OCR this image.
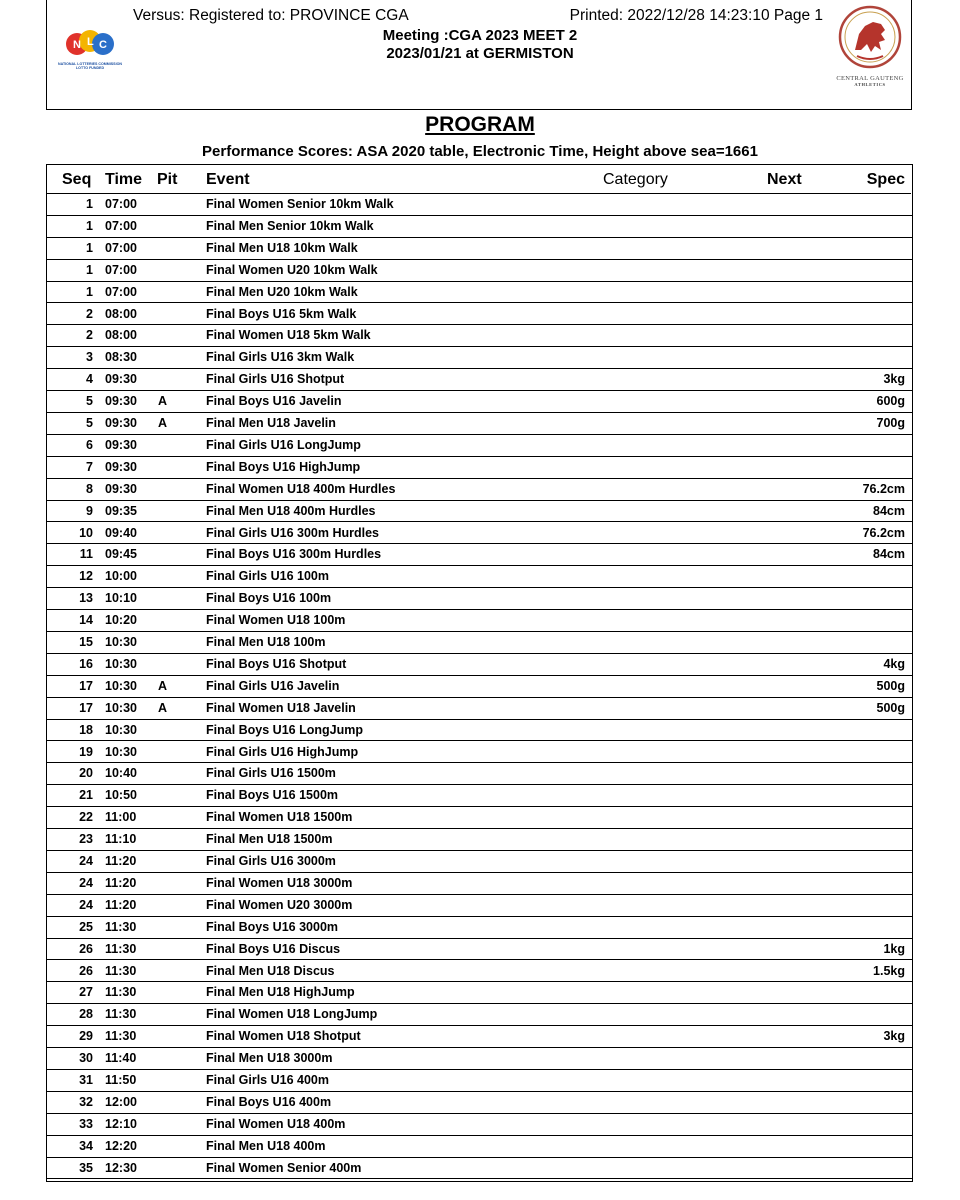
N L C
NATIONAL LOTTERIES COMMISSION LOTTO FUNDED
Versus: Registered to: PROVINCE CGA	Printed: 2022/12/28 14:23:10 Page 1
Meeting :CGA 2023 MEET 2
2023/01/21 at GERMISTON
CENTRAL GAUTENG
ATHLETICS
PROGRAM
Performance Scores: ASA 2020 table, Electronic Time, Height above sea=1661
Seq Time Pit Event	Category	Next	Spec
1 07:00	Final Women Senior 10km Walk
1 07:00	Final Men Senior 10km Walk
1 07:00	Final Men U18 10km Walk
1 07:00	Final Women U20 10km Walk
1 07:00	Final Men U20 10km Walk
2 08:00	Final Boys U16 5km Walk
2 08:00	Final Women U18 5km Walk
3 08:30	Final Girls U16 3km Walk
4 09:30	Final Girls U16 Shotput	3kg
5 09:30 A	Final Boys U16 Javelin	600g
5 09:30 A	Final Men U18 Javelin	700g
6 09:30	Final Girls U16 LongJump
7 09:30	Final Boys U16 HighJump
8 09:30	Final Women U18 400m Hurdles	76.2cm
9 09:35	Final Men U18 400m Hurdles	84cm
10 09:40	Final Girls U16 300m Hurdles	76.2cm
11 09:45	Final Boys U16 300m Hurdles	84cm
12 10:00	Final Girls U16 100m
13 10:10	Final Boys U16 100m
14 10:20	Final Women U18 100m
15 10:30	Final Men U18 100m
16 10:30	Final Boys U16 Shotput	4kg
17 10:30 A	Final Girls U16 Javelin	500g
17 10:30 A	Final Women U18 Javelin	500g
18 10:30	Final Boys U16 LongJump
19 10:30	Final Girls U16 HighJump
20 10:40	Final Girls U16 1500m
21 10:50	Final Boys U16 1500m
22 11:00	Final Women U18 1500m
23 11:10	Final Men U18 1500m
24 11:20	Final Girls U16 3000m
24 11:20	Final Women U18 3000m
24 11:20	Final Women U20 3000m
25 11:30	Final Boys U16 3000m
26 11:30	Final Boys U16 Discus	1kg
26 11:30	Final Men U18 Discus	1.5kg
27 11:30	Final Men U18 HighJump
28 11:30	Final Women U18 LongJump
29 11:30	Final Women U18 Shotput	3kg
30 11:40	Final Men U18 3000m
31 11:50	Final Girls U16 400m
32 12:00	Final Boys U16 400m
33 12:10	Final Women U18 400m
34 12:20	Final Men U18 400m
35 12:30	Final Women Senior 400m
